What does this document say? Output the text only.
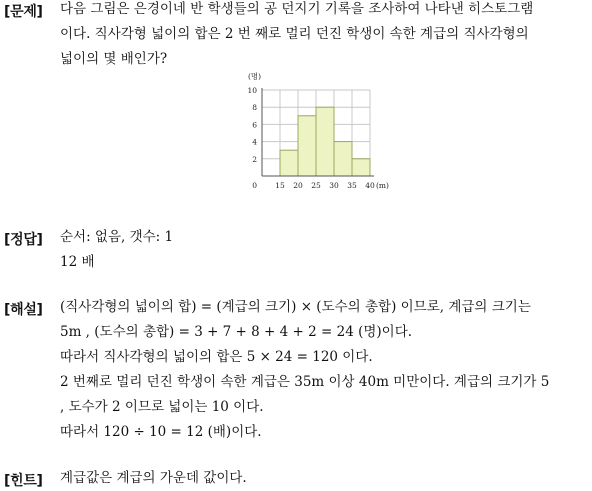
[문제] 다음 그림은 은경이네 반 학생들의 공 던지기 기록을 조사하여 나타낸 히스토그램
이다. 직사각형 넓이의 합은 2 번 째로 멀리 던진 학생이 속한 계급의 직사각형의
넓이의 몇 배인가?
0
2
4
6
8
10
(명)
15 20 25 30 35 40 (m)
[정답] 순서: 없음, 갯수: 1
12 배
[해설] (직사각형의 넓이의 합) = (계급의 크기) × (도수의 총합) 이므로, 계급의 크기는
5m , (도수의 총합) = 3 + 7 + 8 + 4 + 2 = 24 (명)이다.
따라서 직사각형의 넓이의 합은 5 × 24 = 120 이다.
2 번째로 멀리 던진 학생이 속한 계급은 35m 이상 40m 미만이다. 계급의 크기가 5
, 도수가 2 이므로 넓이는 10 이다.
따라서 120 ÷ 10 = 12 (배)이다.
[힌트] 계급값은 계급의 가운데 값이다.
